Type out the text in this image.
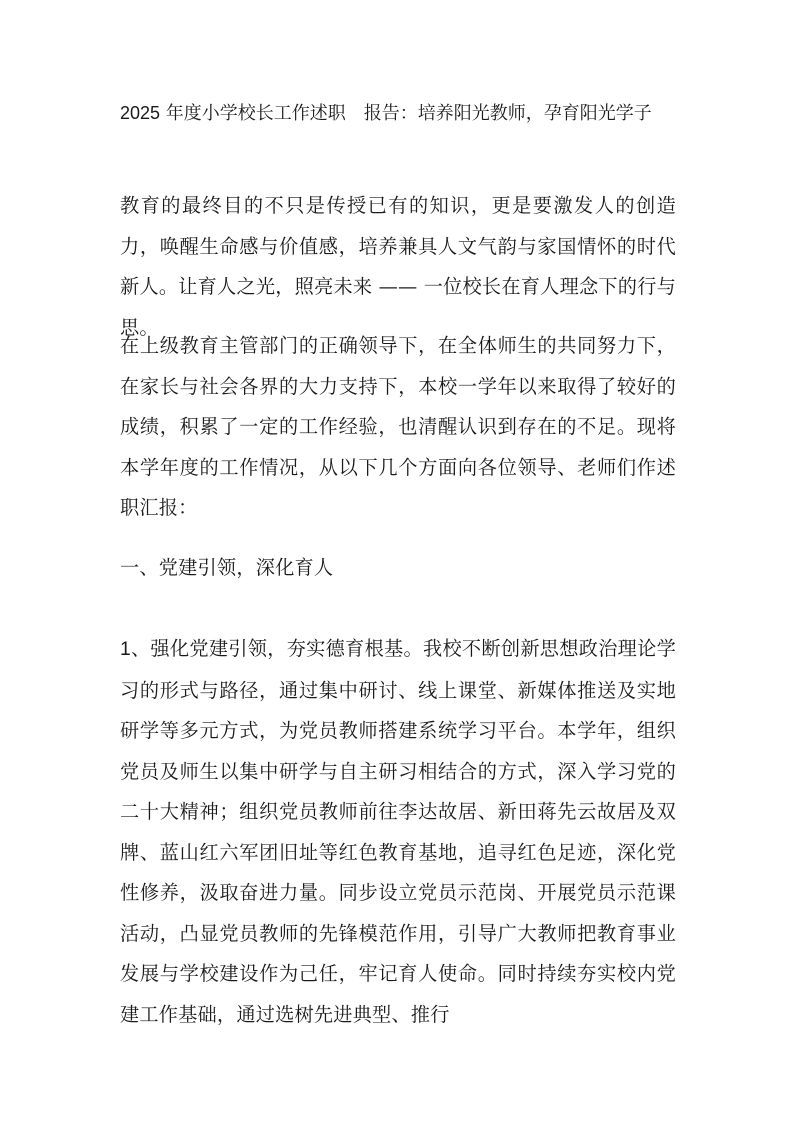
2025 年度小学校长工作述职　报告：培养阳光教师，孕育阳光学子

教育的最终目的不只是传授已有的知识，更是要激发人的创造力，唤醒生命感与价值感，培养兼具人文气韵与家国情怀的时代新人。让育人之光，照亮未来 —— 一位校长在育人理念下的行与思。

在上级教育主管部门的正确领导下，在全体师生的共同努力下，在家长与社会各界的大力支持下，本校一学年以来取得了较好的成绩，积累了一定的工作经验，也清醒认识到存在的不足。现将本学年度的工作情况，从以下几个方面向各位领导、老师们作述职汇报：

一、党建引领，深化育人

1、强化党建引领，夯实德育根基。我校不断创新思想政治理论学习的形式与路径，通过集中研讨、线上课堂、新媒体推送及实地研学等多元方式，为党员教师搭建系统学习平台。本学年，组织党员及师生以集中研学与自主研习相结合的方式，深入学习党的二十大精神；组织党员教师前往李达故居、新田蒋先云故居及双牌、蓝山红六军团旧址等红色教育基地，追寻红色足迹，深化党性修养，汲取奋进力量。同步设立党员示范岗、开展党员示范课活动，凸显党员教师的先锋模范作用，引导广大教师把教育事业发展与学校建设作为己任，牢记育人使命。同时持续夯实校内党建工作基础，通过选树先进典型、推行
